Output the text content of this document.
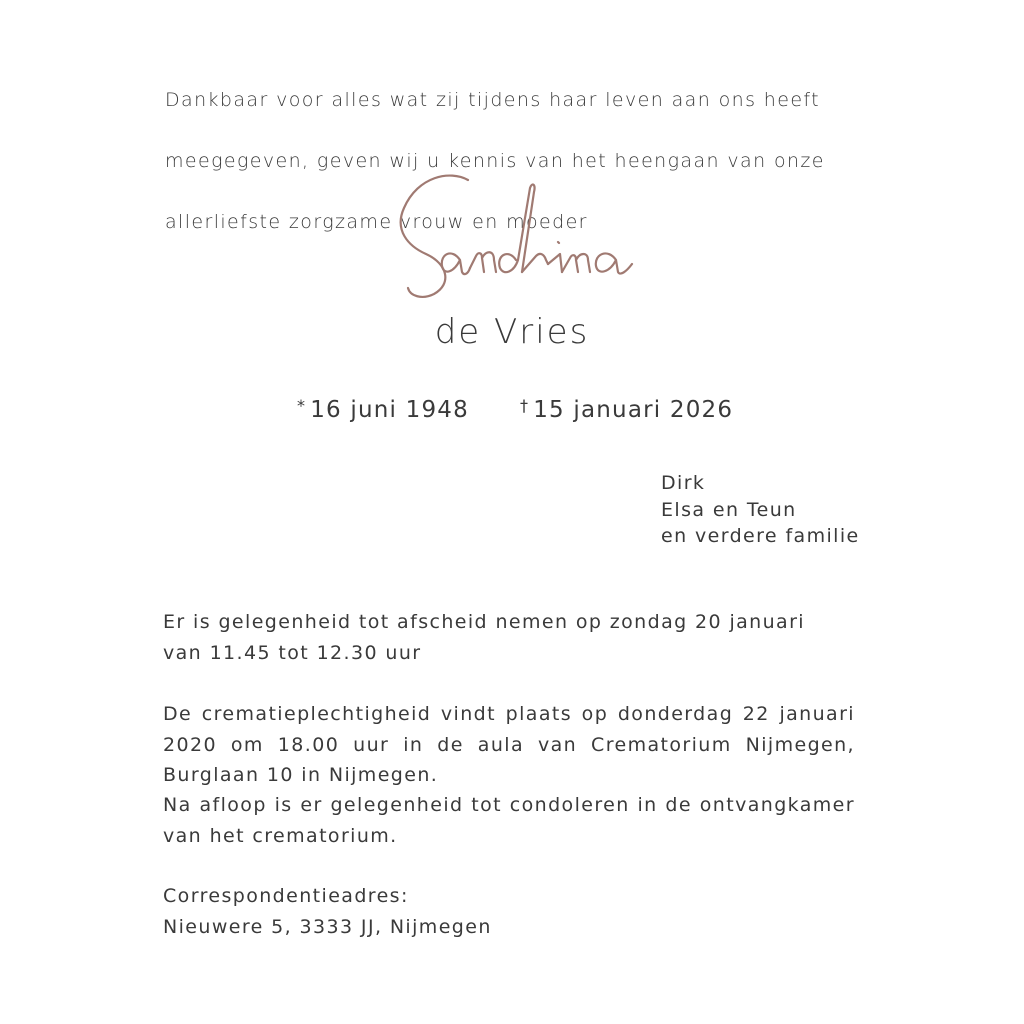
Dankbaar voor alles wat zij tijdens haar leven aan ons heeft

meegegeven, geven wij u kennis van het heengaan van onze

allerliefste zorgzame vrouw en moeder

de Vries
* 16 juni 1948	† 15 januari 2026
Dirk
Elsa en Teun
en verdere familie
Er is gelegenheid tot afscheid nemen op zondag 20 januari
van 11.45 tot 12.30 uur
De crematieplechtigheid vindt plaats op donderdag 22 januari 2020 om 18.00 uur in de aula van Crematorium Nijmegen, Burglaan 10 in Nijmegen.
Na afloop is er gelegenheid tot condoleren in de ontvangkamer van het crematorium.
Correspondentieadres:
Nieuwere 5, 3333 JJ, Nijmegen
